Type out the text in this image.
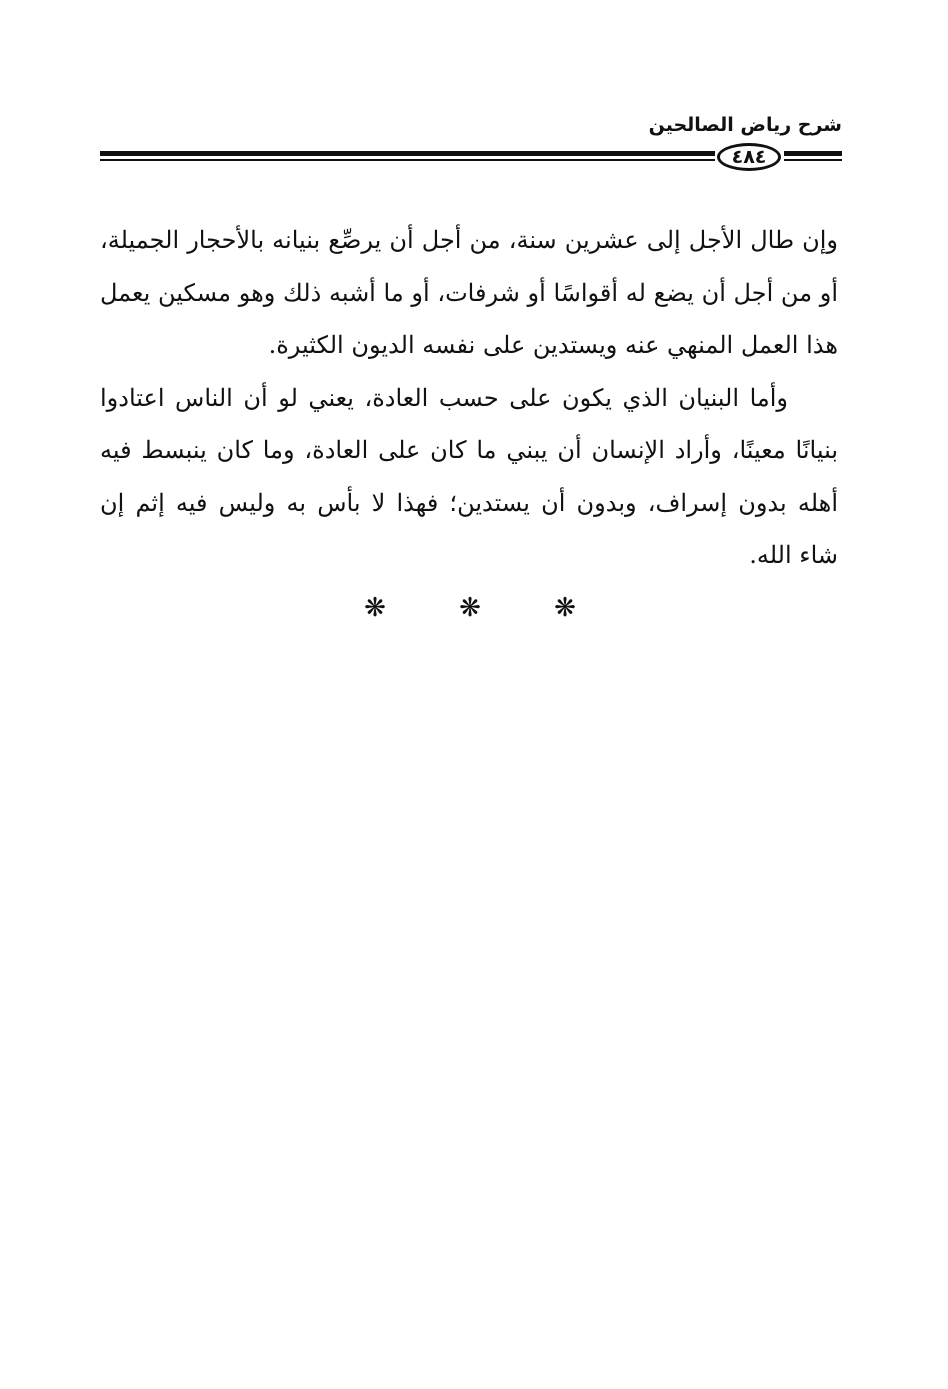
شرح رياض الصالحين
٤٨٤

وإن طال الأجل إلى عشرين سنة، من أجل أن يرصِّع بنيانه بالأحجار الجميلة، أو من أجل أن يضع له أقواسًا أو شرفات، أو ما أشبه ذلك وهو مسكين يعمل هذا العمل المنهي عنه ويستدين على نفسه الديون الكثيرة.

وأما البنيان الذي يكون على حسب العادة، يعني لو أن الناس اعتادوا بنيانًا معينًا، وأراد الإنسان أن يبني ما كان على العادة، وما كان ينبسط فيه أهله بدون إسراف، وبدون أن يستدين؛ فهذا لا بأس به وليس فيه إثم إن شاء الله.

❋
❋
❋
